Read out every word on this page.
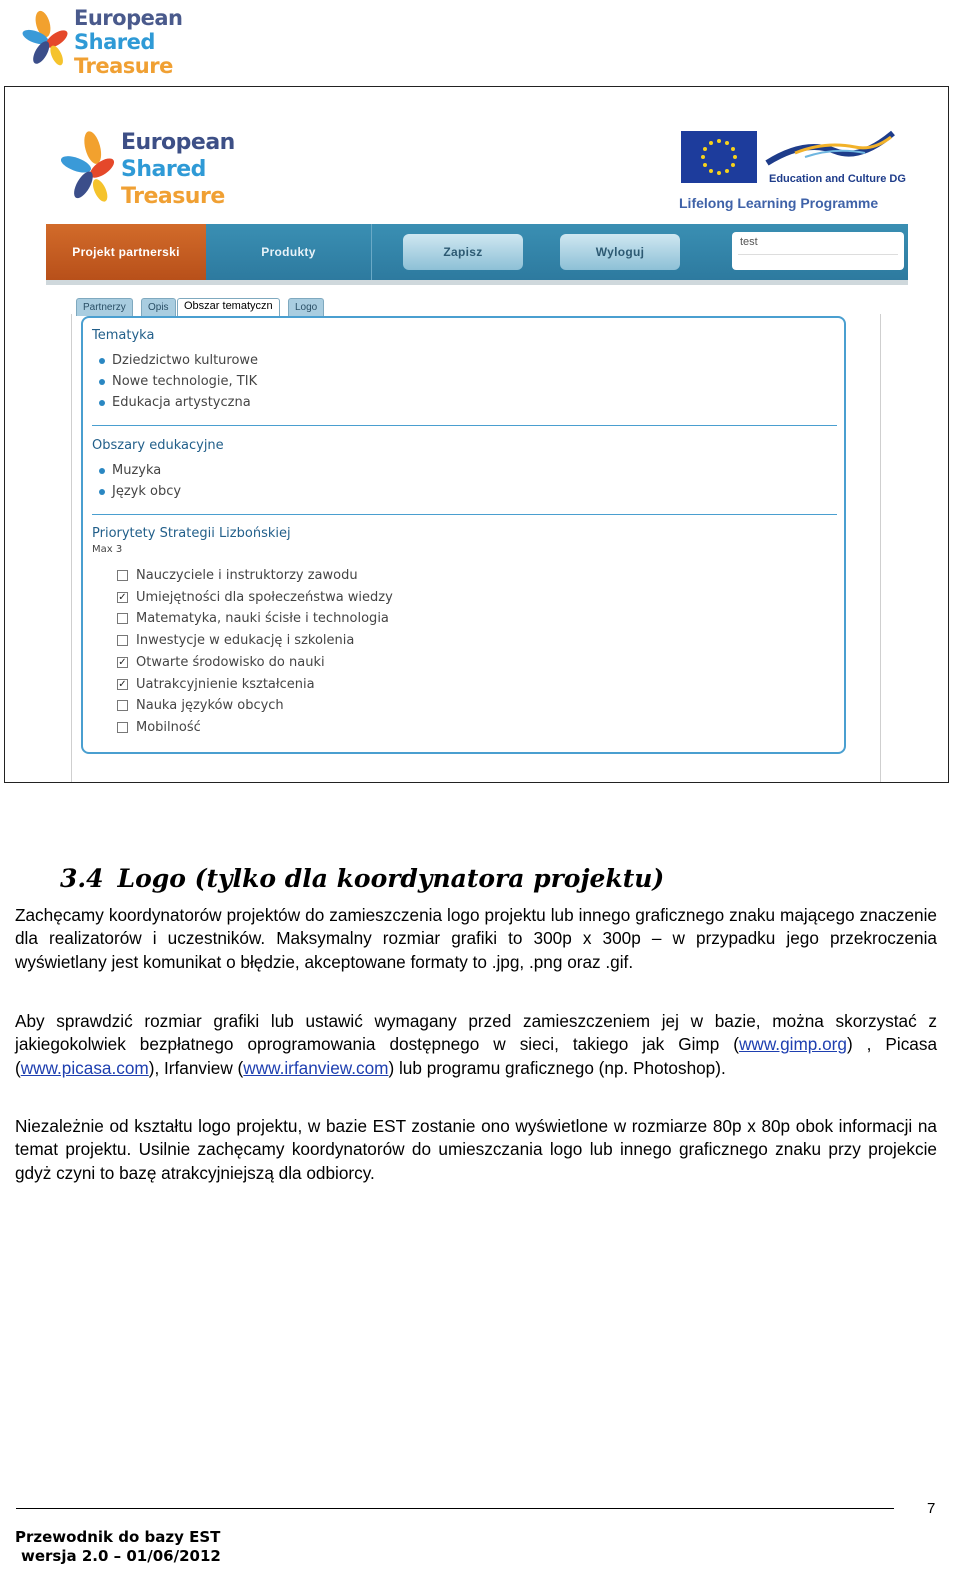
European
Shared
Treasure
European
Shared
Treasure
Education and Culture DG
Lifelong Learning Programme
Projekt partnerski	Produkty	Zapisz	Wyloguj
test
Partnerzy	Opis	Obszar tematyczn	Logo
Tematyka
Dziedzictwo kulturowe
Nowe technologie, TIK
Edukacja artystyczna
Obszary edukacyjne
Muzyka
Język obcy
Priorytety Strategii Lizbońskiej
Max 3
Nauczyciele i instruktorzy zawodu
✓ Umiejętności dla społeczeństwa wiedzy
Matematyka, nauki ścisłe i technologia
Inwestycje w edukację i szkolenia
✓ Otwarte środowisko do nauki
✓ Uatrakcyjnienie kształcenia
Nauka języków obcych
Mobilność
3.4 Logo (tylko dla koordynatora projektu)

Zachęcamy koordynatorów projektów do zamieszczenia logo projektu lub innego graficznego znaku mającego znaczenie dla realizatorów i uczestników. Maksymalny rozmiar grafiki to 300p x 300p – w przypadku jego przekroczenia wyświetlany jest komunikat o błędzie, akceptowane formaty to .jpg, .png oraz .gif.

Aby sprawdzić rozmiar grafiki lub ustawić wymagany przed zamieszczeniem jej w bazie, można skorzystać z jakiegokolwiek bezpłatnego oprogramowania dostępnego w sieci, takiego jak Gimp (www.gimp.org) , Picasa (www.picasa.com), Irfanview (www.irfanview.com) lub programu graficznego (np. Photoshop).

Niezależnie od kształtu logo projektu, w bazie EST zostanie ono wyświetlone w rozmiarze 80p x 80p obok informacji na temat projektu. Usilnie zachęcamy koordynatorów do umieszczania logo lub innego graficznego znaku przy projekcie gdyż czyni to bazę atrakcyjniejszą dla odbiorcy.

7
Przewodnik do bazy EST
wersja 2.0 – 01/06/2012
